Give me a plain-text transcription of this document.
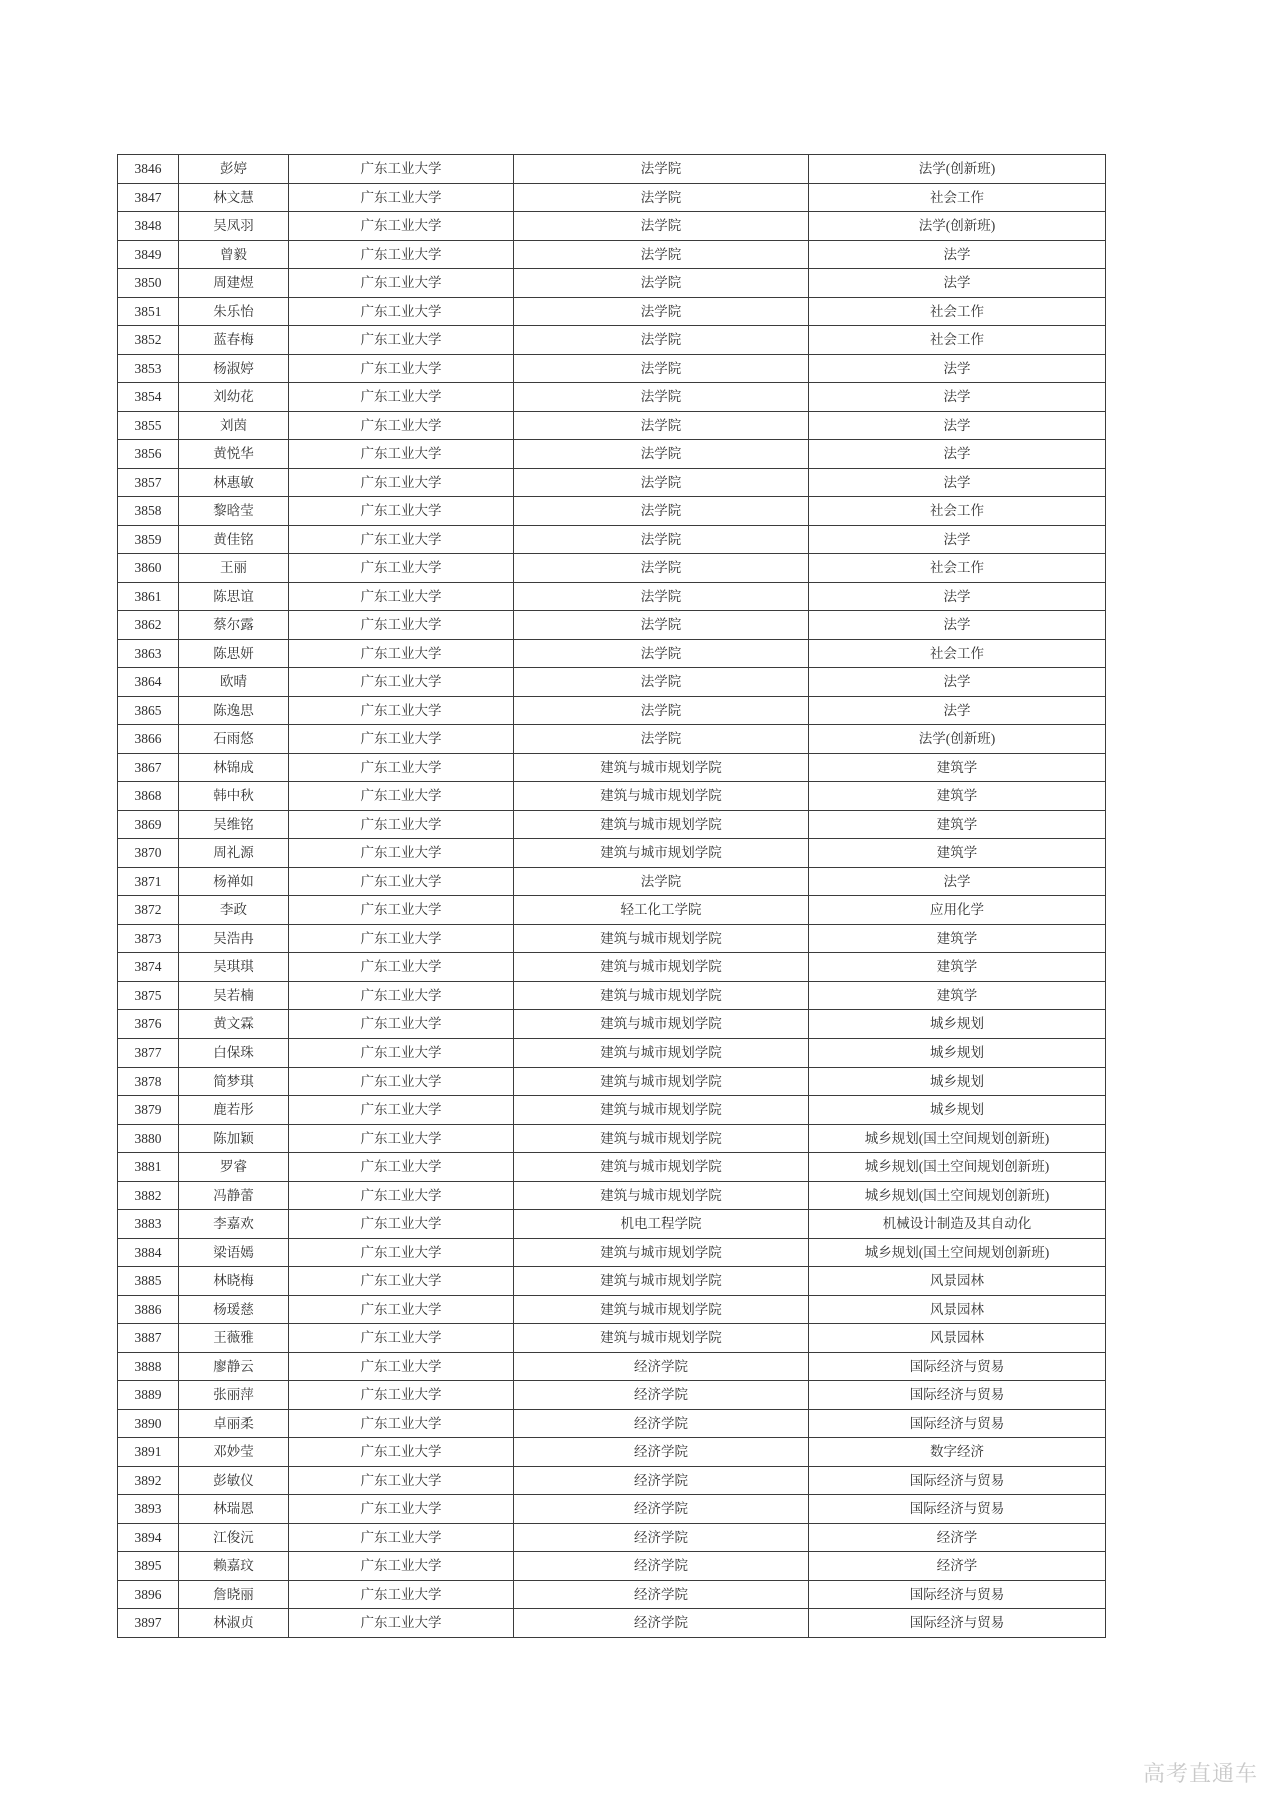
3846	彭婷	广东工业大学	法学院	法学(创新班)
3847	林文慧	广东工业大学	法学院	社会工作
3848	吴凤羽	广东工业大学	法学院	法学(创新班)
3849	曾毅	广东工业大学	法学院	法学
3850	周建煜	广东工业大学	法学院	法学
3851	朱乐怡	广东工业大学	法学院	社会工作
3852	蓝春梅	广东工业大学	法学院	社会工作
3853	杨淑婷	广东工业大学	法学院	法学
3854	刘幼花	广东工业大学	法学院	法学
3855	刘茵	广东工业大学	法学院	法学
3856	黄悦华	广东工业大学	法学院	法学
3857	林惠敏	广东工业大学	法学院	法学
3858	黎晗莹	广东工业大学	法学院	社会工作
3859	黄佳铭	广东工业大学	法学院	法学
3860	王丽	广东工业大学	法学院	社会工作
3861	陈思谊	广东工业大学	法学院	法学
3862	蔡尔露	广东工业大学	法学院	法学
3863	陈思妍	广东工业大学	法学院	社会工作
3864	欧晴	广东工业大学	法学院	法学
3865	陈逸思	广东工业大学	法学院	法学
3866	石雨悠	广东工业大学	法学院	法学(创新班)
3867	林锦成	广东工业大学	建筑与城市规划学院	建筑学
3868	韩中秋	广东工业大学	建筑与城市规划学院	建筑学
3869	吴维铭	广东工业大学	建筑与城市规划学院	建筑学
3870	周礼源	广东工业大学	建筑与城市规划学院	建筑学
3871	杨禅如	广东工业大学	法学院	法学
3872	李政	广东工业大学	轻工化工学院	应用化学
3873	吴浩冉	广东工业大学	建筑与城市规划学院	建筑学
3874	吴琪琪	广东工业大学	建筑与城市规划学院	建筑学
3875	吴若楠	广东工业大学	建筑与城市规划学院	建筑学
3876	黄文霖	广东工业大学	建筑与城市规划学院	城乡规划
3877	白保珠	广东工业大学	建筑与城市规划学院	城乡规划
3878	简梦琪	广东工业大学	建筑与城市规划学院	城乡规划
3879	鹿若彤	广东工业大学	建筑与城市规划学院	城乡规划
3880	陈加颖	广东工业大学	建筑与城市规划学院	城乡规划(国土空间规划创新班)
3881	罗睿	广东工业大学	建筑与城市规划学院	城乡规划(国土空间规划创新班)
3882	冯静蕾	广东工业大学	建筑与城市规划学院	城乡规划(国土空间规划创新班)
3883	李嘉欢	广东工业大学	机电工程学院	机械设计制造及其自动化
3884	梁语嫣	广东工业大学	建筑与城市规划学院	城乡规划(国土空间规划创新班)
3885	林晓梅	广东工业大学	建筑与城市规划学院	风景园林
3886	杨瑗慈	广东工业大学	建筑与城市规划学院	风景园林
3887	王薇雅	广东工业大学	建筑与城市规划学院	风景园林
3888	廖静云	广东工业大学	经济学院	国际经济与贸易
3889	张丽萍	广东工业大学	经济学院	国际经济与贸易
3890	卓丽柔	广东工业大学	经济学院	国际经济与贸易
3891	邓妙莹	广东工业大学	经济学院	数字经济
3892	彭敏仪	广东工业大学	经济学院	国际经济与贸易
3893	林瑞恩	广东工业大学	经济学院	国际经济与贸易
3894	江俊沅	广东工业大学	经济学院	经济学
3895	赖嘉玟	广东工业大学	经济学院	经济学
3896	詹晓丽	广东工业大学	经济学院	国际经济与贸易
3897	林淑贞	广东工业大学	经济学院	国际经济与贸易
高考直通车
